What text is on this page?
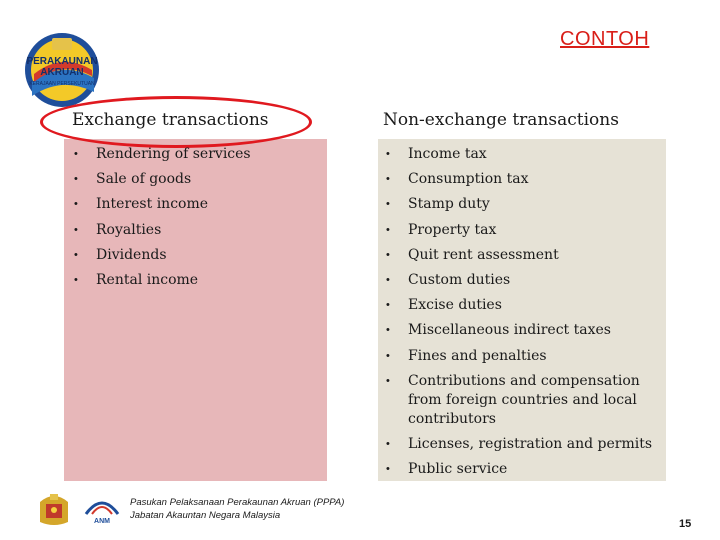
CONTOH
PERAKAUNAN
AKRUAN
KERAJAAN PERSEKUTUAN
Exchange transactions	Non-exchange transactions
• Rendering of services
• Sale of goods
• Interest income
• Royalties
• Dividends
• Rental income
• Income tax
• Consumption tax
• Stamp duty
• Property tax
• Quit rent assessment
• Custom duties
• Excise duties
• Miscellaneous indirect taxes
• Fines and penalties
• Contributions and compensation from foreign countries and local contributors
• Licenses, registration and permits
• Public service
ANM
Pasukan Pelaksanaan Perakaunan Akruan (PPPA)
Jabatan Akauntan Negara Malaysia
15
